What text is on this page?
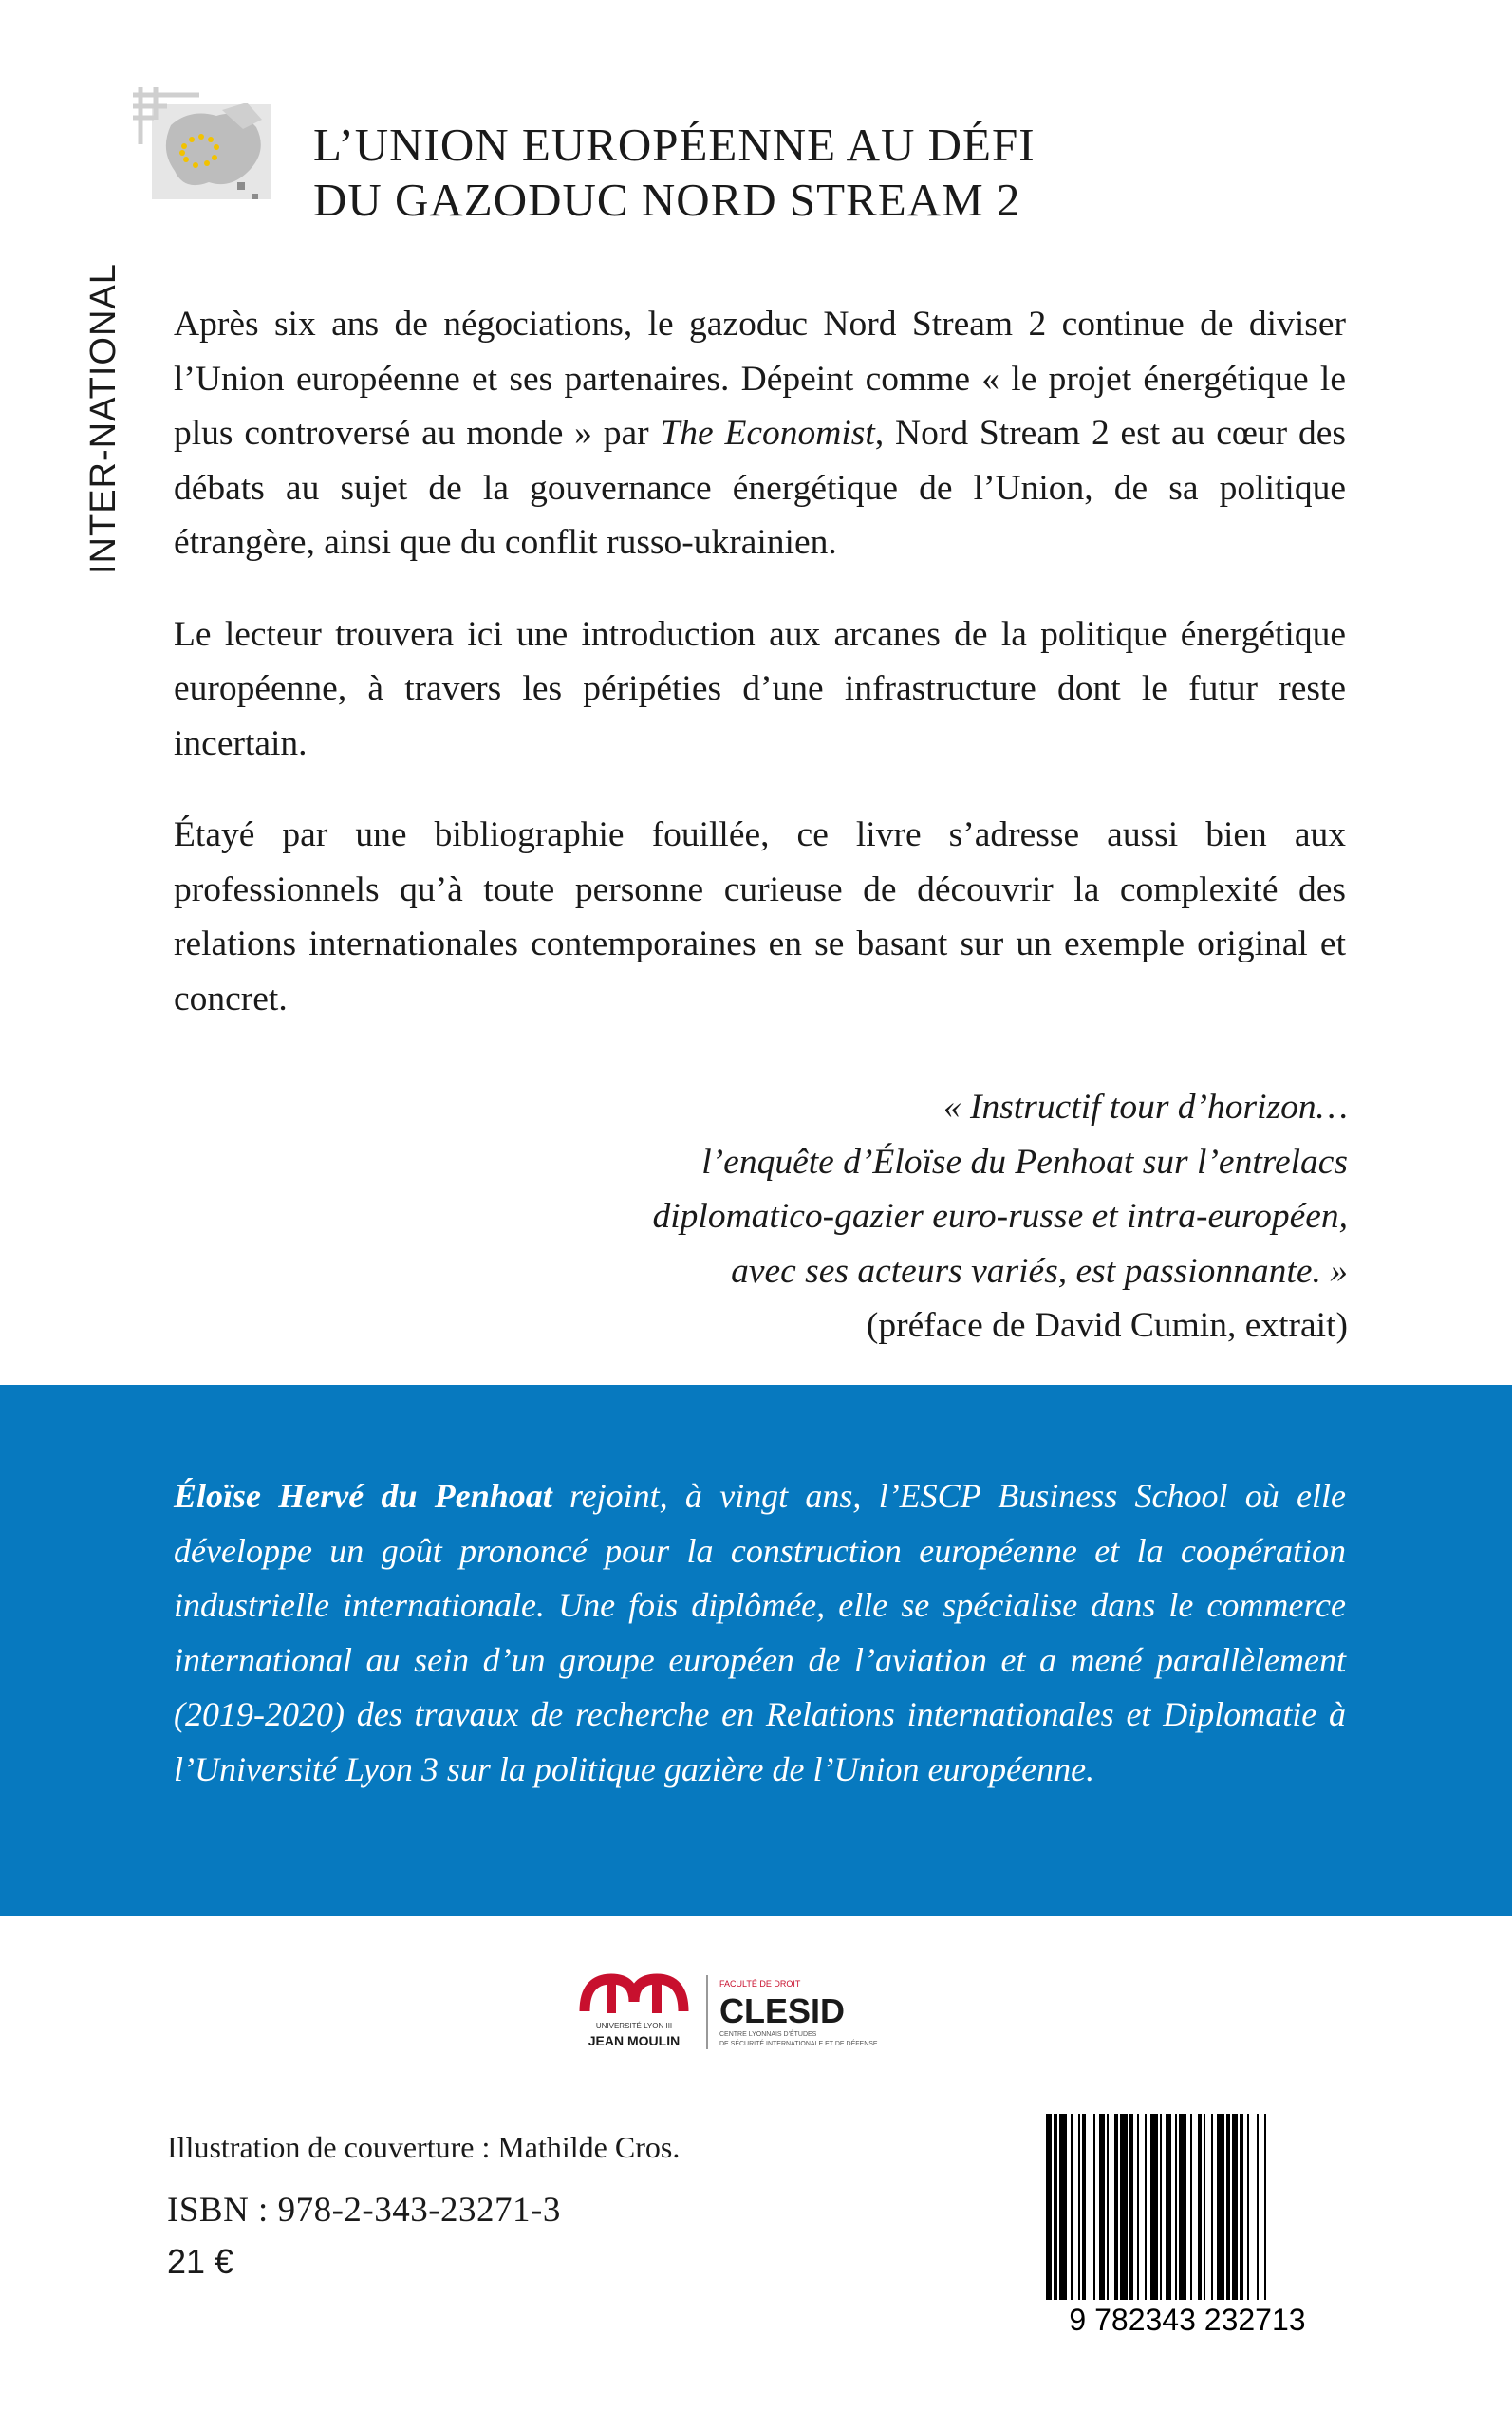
L’UNION EUROPÉENNE AU DÉFI
DU GAZODUC NORD STREAM 2
INTER-NATIONAL Après six ans de négociations, le gazoduc Nord Stream 2 continue de diviser l’Union européenne et ses partenaires. Dépeint comme « le projet énergétique le plus controversé au monde » par The Economist, Nord Stream 2 est au cœur des débats au sujet de la gouvernance énergétique de l’Union, de sa politique étrangère, ainsi que du conflit russo-ukrainien.

Le lecteur trouvera ici une introduction aux arcanes de la politique énergétique européenne, à travers les péripéties d’une infrastructure dont le futur reste incertain.

Étayé par une bibliographie fouillée, ce livre s’adresse aussi bien aux professionnels qu’à toute personne curieuse de découvrir la complexité des relations internationales contemporaines en se basant sur un exemple original et concret.

« Instructif tour d’horizon…
l’enquête d’Éloïse du Penhoat sur l’entrelacs
diplomatico-gazier euro-russe et intra-européen,
avec ses acteurs variés, est passionnante. »
(préface de David Cumin, extrait)
Éloïse Hervé du Penhoat rejoint, à vingt ans, l’ESCP Business School où elle développe un goût prononcé pour la construction européenne et la coopération industrielle internationale. Une fois diplômée, elle se spécialise dans le commerce international au sein d’un groupe européen de l’aviation et a mené parallèlement (2019-2020) des travaux de recherche en Relations internationales et Diplomatie à l’Université Lyon 3 sur la politique gazière de l’Union européenne.
UNIVERSITÉ LYON III
JEAN MOULIN
FACULTÉ DE DROIT
CLESID
CENTRE LYONNAIS D'ÉTUDES
DE SÉCURITÉ INTERNATIONALE ET DE DÉFENSE
Illustration de couverture : Mathilde Cros.
ISBN : 978-2-343-23271-3
21 €
9 782343 232713
